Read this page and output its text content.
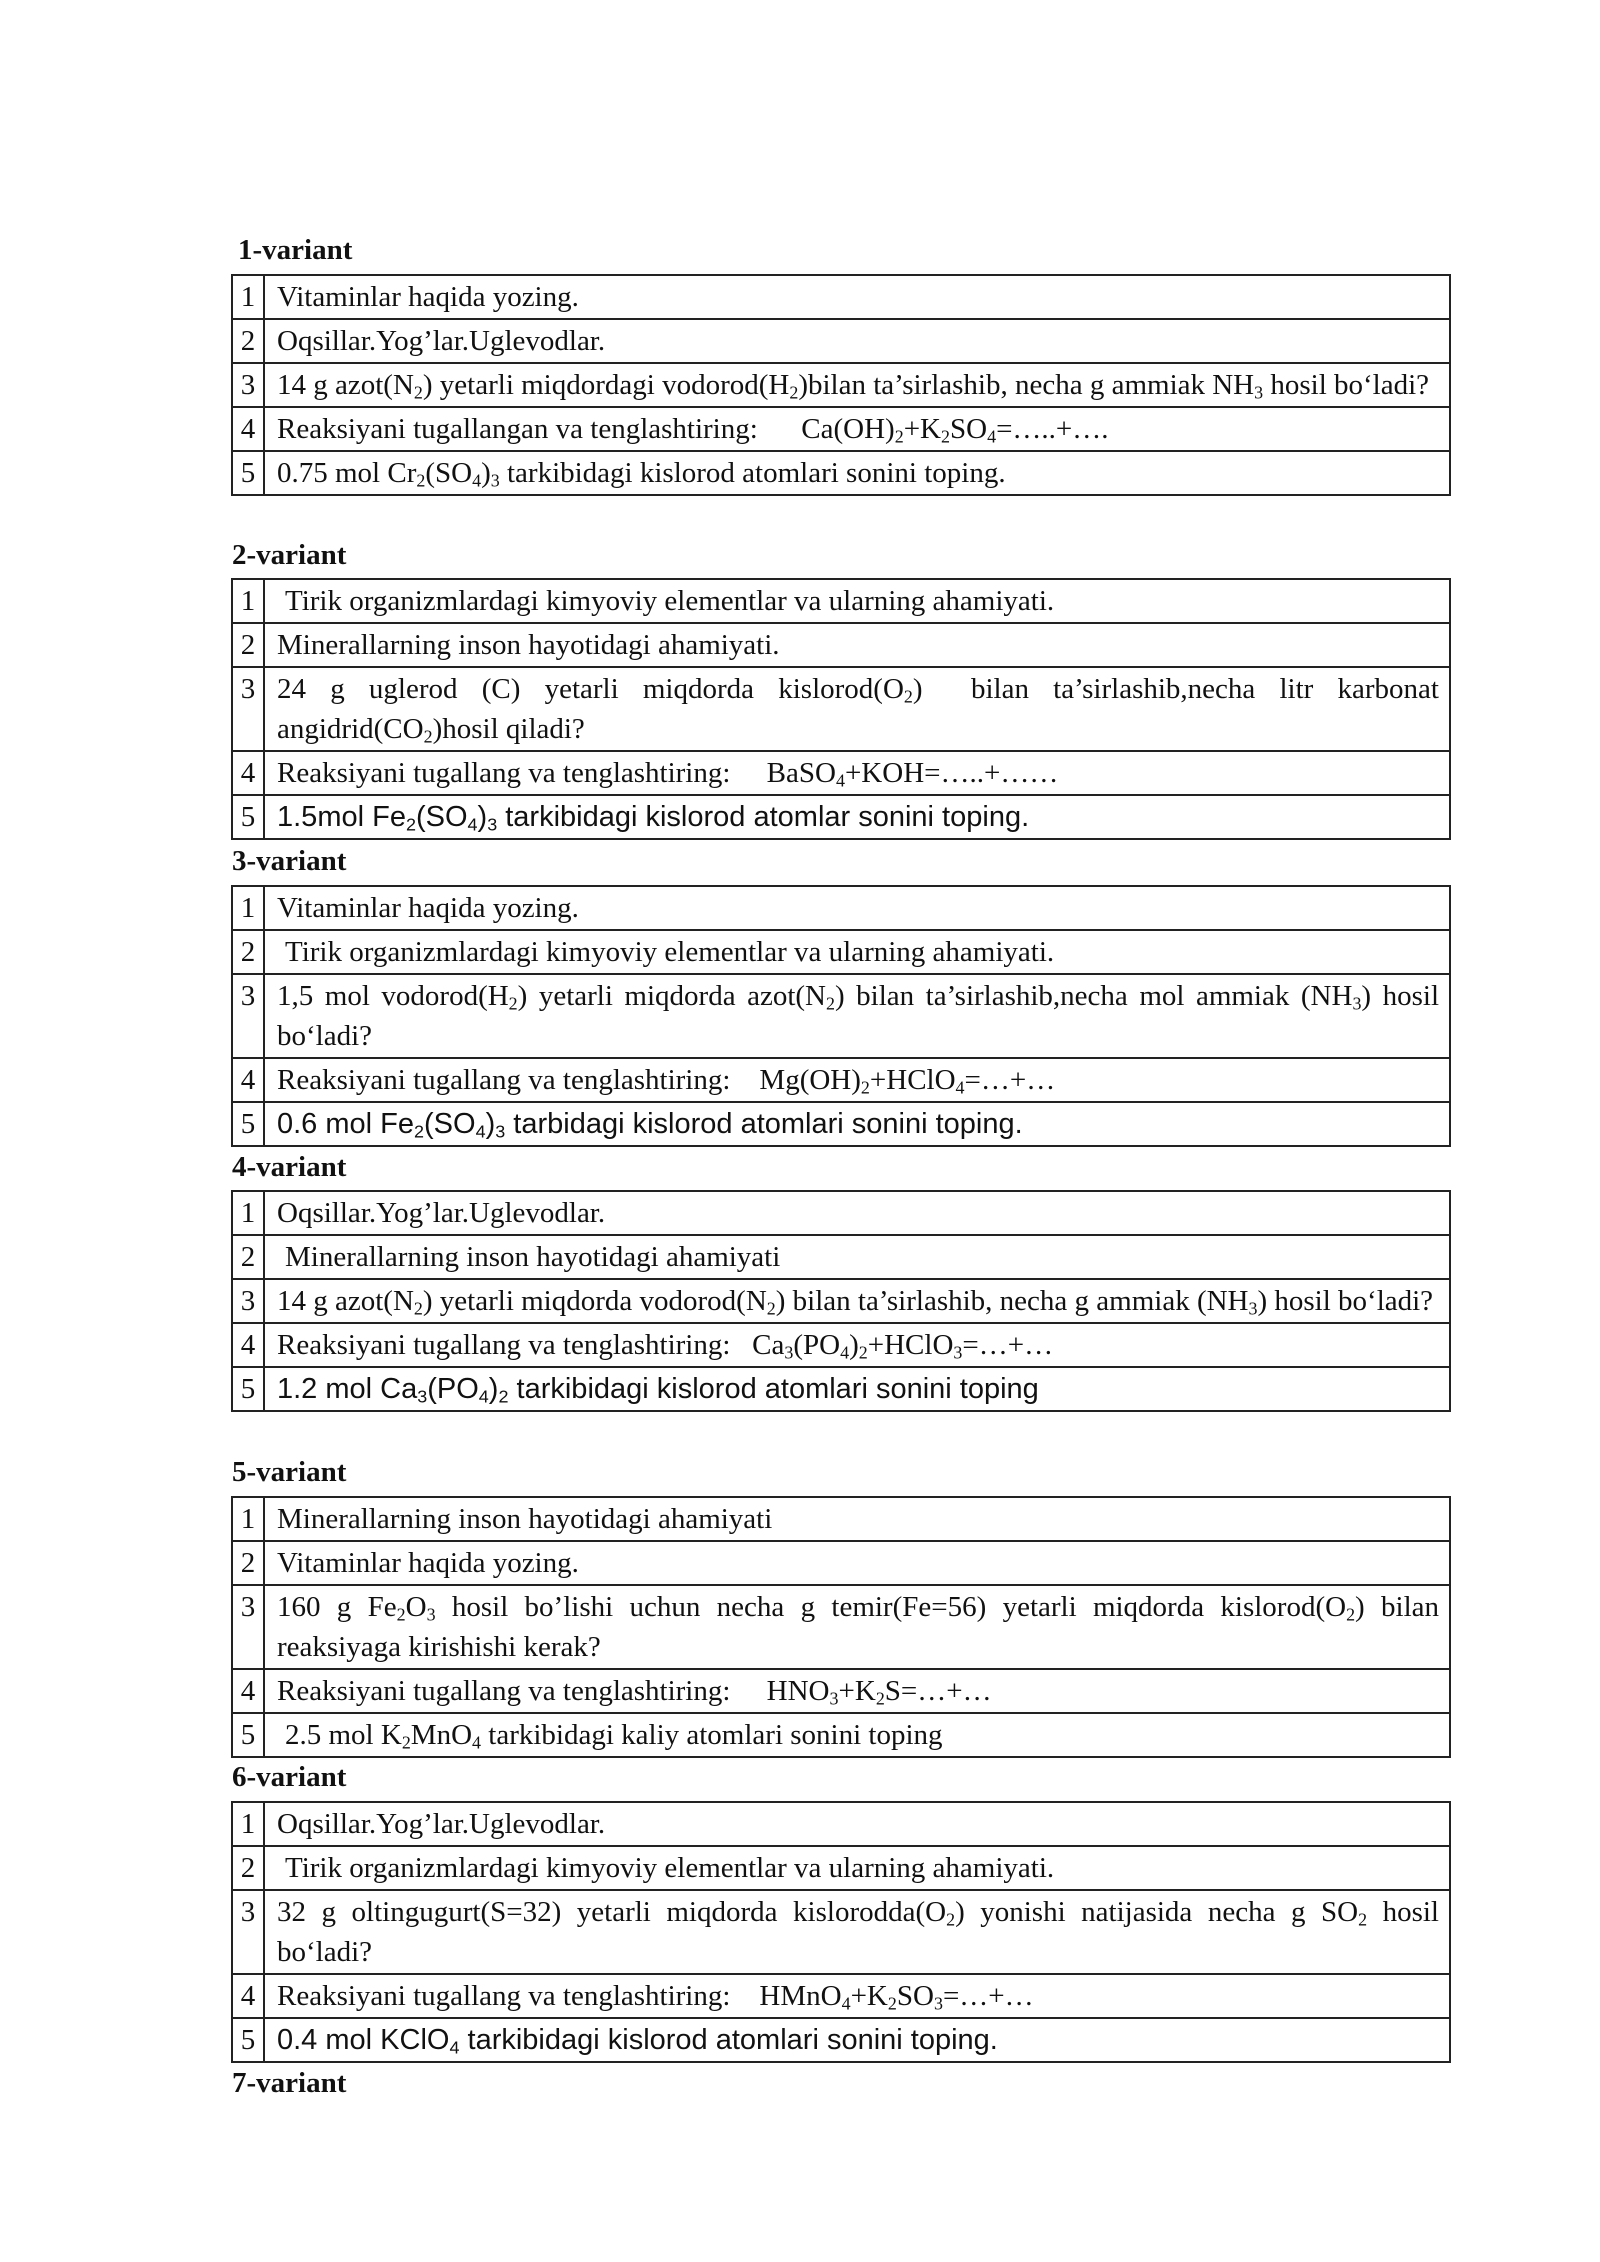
1-variant
1	Vitaminlar haqida yozing.
2	Oqsillar.Yog’lar.Uglevodlar.
3	14 g $azot(N_2)$ yetarli miqdordagi $vodorod(H_2)bilan$ ta’sirlashib, necha g ammiak $NH_3$ hosil bo‘ladi?
4	Reaksiyani tugallangan va tenglashtiring:      $Ca(OH)_2+K_2SO_4=\dots..+\dots$.
5	0.75 mol $Cr_2(SO_4)_3$ tarkibidagi kislorod atomlari sonini toping.
2-variant
1	Tirik organizmlardagi kimyoviy elementlar va ularning ahamiyati.
2	Minerallarning inson hayotidagi ahamiyati.
3	24 g uglerod (C) yetarli miqdorda $kislorod(O_2)$  bilan ta’sirlashib,necha litr karbonat $angidrid(CO_2)hosil$ qiladi?
4	Reaksiyani tugallang va tenglashtiring:     BaSO$_4$+KOH=…..+……
5	1.5mol $Fe_2(SO_4)_3$ tarkibidagi kislorod atomlar sonini toping.
3-variant
1	Vitaminlar haqida yozing.
2	Tirik organizmlardagi kimyoviy elementlar va ularning ahamiyati.
3	1,5 mol $vodorod(H_2)$ yetarli miqdorda $azot(N_2)$ bilan ta’sirlashib,necha mol ammiak $(NH_3)$ hosil bo‘ladi?
4	Reaksiyani tugallang va tenglashtiring:    $Mg(OH)_2+HClO_4=\dots+\dots$
5	0.6 mol $Fe_2(SO_4)_3$ tarbidagi kislorod atomlari sonini toping.
4-variant
1	Oqsillar.Yog’lar.Uglevodlar.
2	Minerallarning inson hayotidagi ahamiyati
3	14 g $azot(N_2)$ yetarli miqdorda $vodorod(N_2)$ bilan ta’sirlashib, necha g ammiak $(NH_3)$ hosil bo‘ladi?
4	Reaksiyani tugallang va tenglashtiring:   $Ca_3(PO_4)_2+HClO_3=\dots+\dots$
5	1.2 mol $Ca_3(PO_4)_2$ tarkibidagi kislorod atomlari sonini toping
5-variant
1	Minerallarning inson hayotidagi ahamiyati
2	Vitaminlar haqida yozing.
3	160 g $Fe_2O_3$ hosil bo’lishi uchun necha g temir(Fe=56) yetarli miqdorda $kislorod(O_2)$ bilan reaksiyaga kirishishi kerak?
4	Reaksiyani tugallang va tenglashtiring:     $HNO_3+K_2S=\dots+\dots$
5	2.5 mol $K_2MnO_4$ tarkibidagi kaliy atomlari sonini toping
6-variant
1	Oqsillar.Yog’lar.Uglevodlar.
2	Tirik organizmlardagi kimyoviy elementlar va ularning ahamiyati.
3	32 g oltingugurt(S=32) yetarli miqdorda $kislorodda(O_2)$ yonishi natijasida necha g $SO_2$ hosil bo‘ladi?
4	Reaksiyani tugallang va tenglashtiring:    $HMnO_4+K_2SO_3=\dots+\dots$
5	0.4 mol KClO$_4$ tarkibidagi kislorod atomlari sonini toping.
7-variant
